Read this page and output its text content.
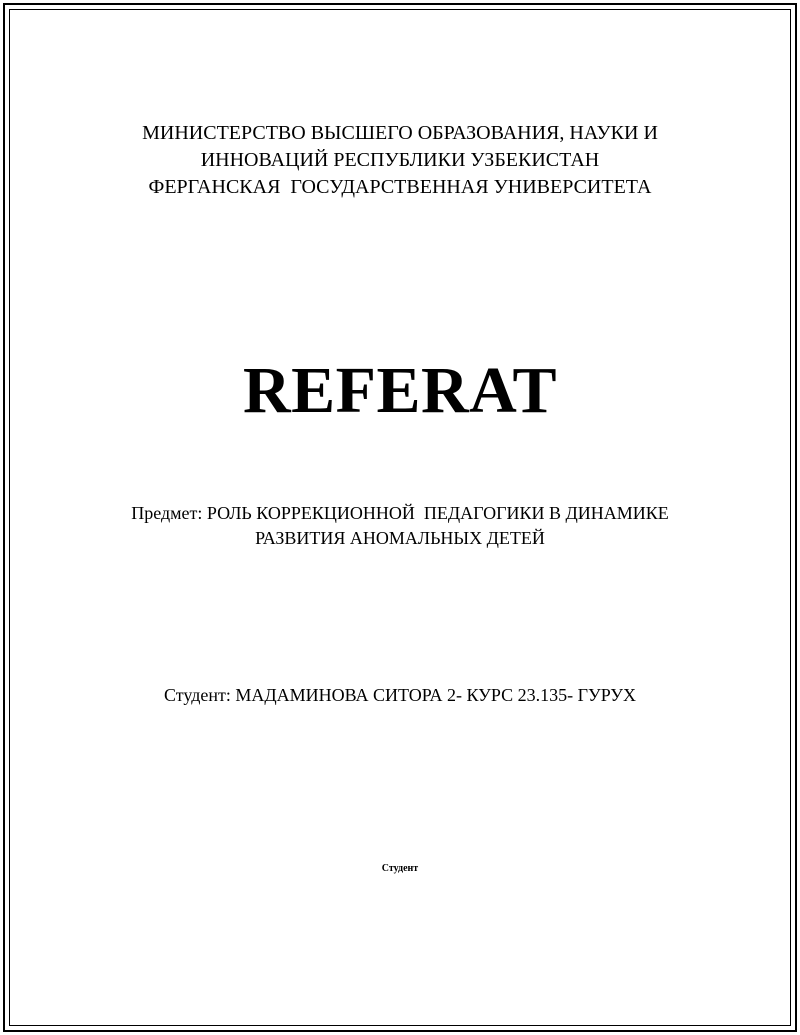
МИНИСТЕРСТВО ВЫСШЕГО ОБРАЗОВАНИЯ, НАУКИ И
ИННОВАЦИЙ РЕСПУБЛИКИ УЗБЕКИСТАН
ФЕРГАНСКАЯ  ГОСУДАРСТВЕННАЯ УНИВЕРСИТЕТА
REFERAT
Предмет: РОЛЬ КОРРЕКЦИОННОЙ  ПЕДАГОГИКИ В ДИНАМИКЕ
РАЗВИТИЯ АНОМАЛЬНЫХ ДЕТЕЙ
Студент: МАДАМИНОВА СИТОРА 2- КУРС 23.135- ГУРУХ
Студент
